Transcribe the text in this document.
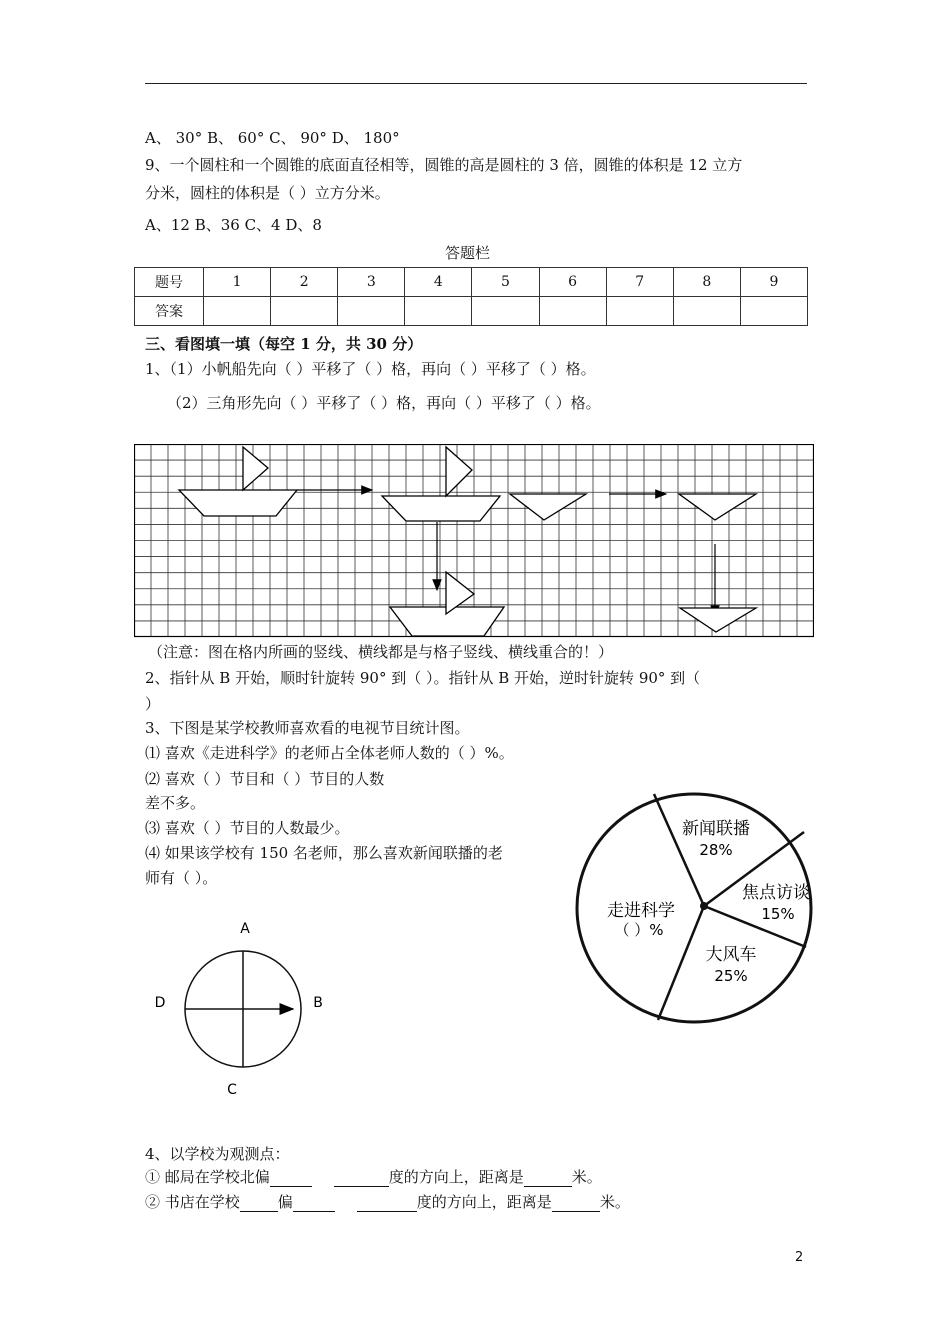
A、 30° B、 60° C、 90° D、 180°
9、一个圆柱和一个圆锥的底面直径相等，圆锥的高是圆柱的 3 倍，圆锥的体积是 12 立方
分米，圆柱的体积是（ ）立方分米。
A、12 B、36 C、4 D、8
答题栏
题号	1	2	3	4	5	6	7	8	9
答案									
三、看图填一填（每空 1 分，共 30 分）
1、（1）小帆船先向（ ）平移了（ ）格，再向（ ）平移了（ ）格。
（2）三角形先向（ ）平移了（ ）格，再向（ ）平移了（ ）格。
（注意：图在格内所画的竖线、横线都是与格子竖线、横线重合的！）
2、指针从 B 开始，顺时针旋转 90° 到（ ）。指针从 B 开始，逆时针旋转 90° 到（
）
3、下图是某学校教师喜欢看的电视节目统计图。
⑴ 喜欢《走进科学》的老师占全体老师人数的（ ）%。
⑵ 喜欢（ ）节目和（ ）节目的人数
差不多。
⑶ 喜欢（ ）节目的人数最少。
⑷ 如果该学校有 150 名老师，那么喜欢新闻联播的老
师有（ ）。
新闻联播
28%
焦点访谈
15%
大风车
25%
走进科学
（ ）%
A
B
C
D
4、以学校为观测点：
① 邮局在学校北偏	度的方向上，距离是	米。
② 书店在学校	偏	度的方向上，距离是	米。
2
